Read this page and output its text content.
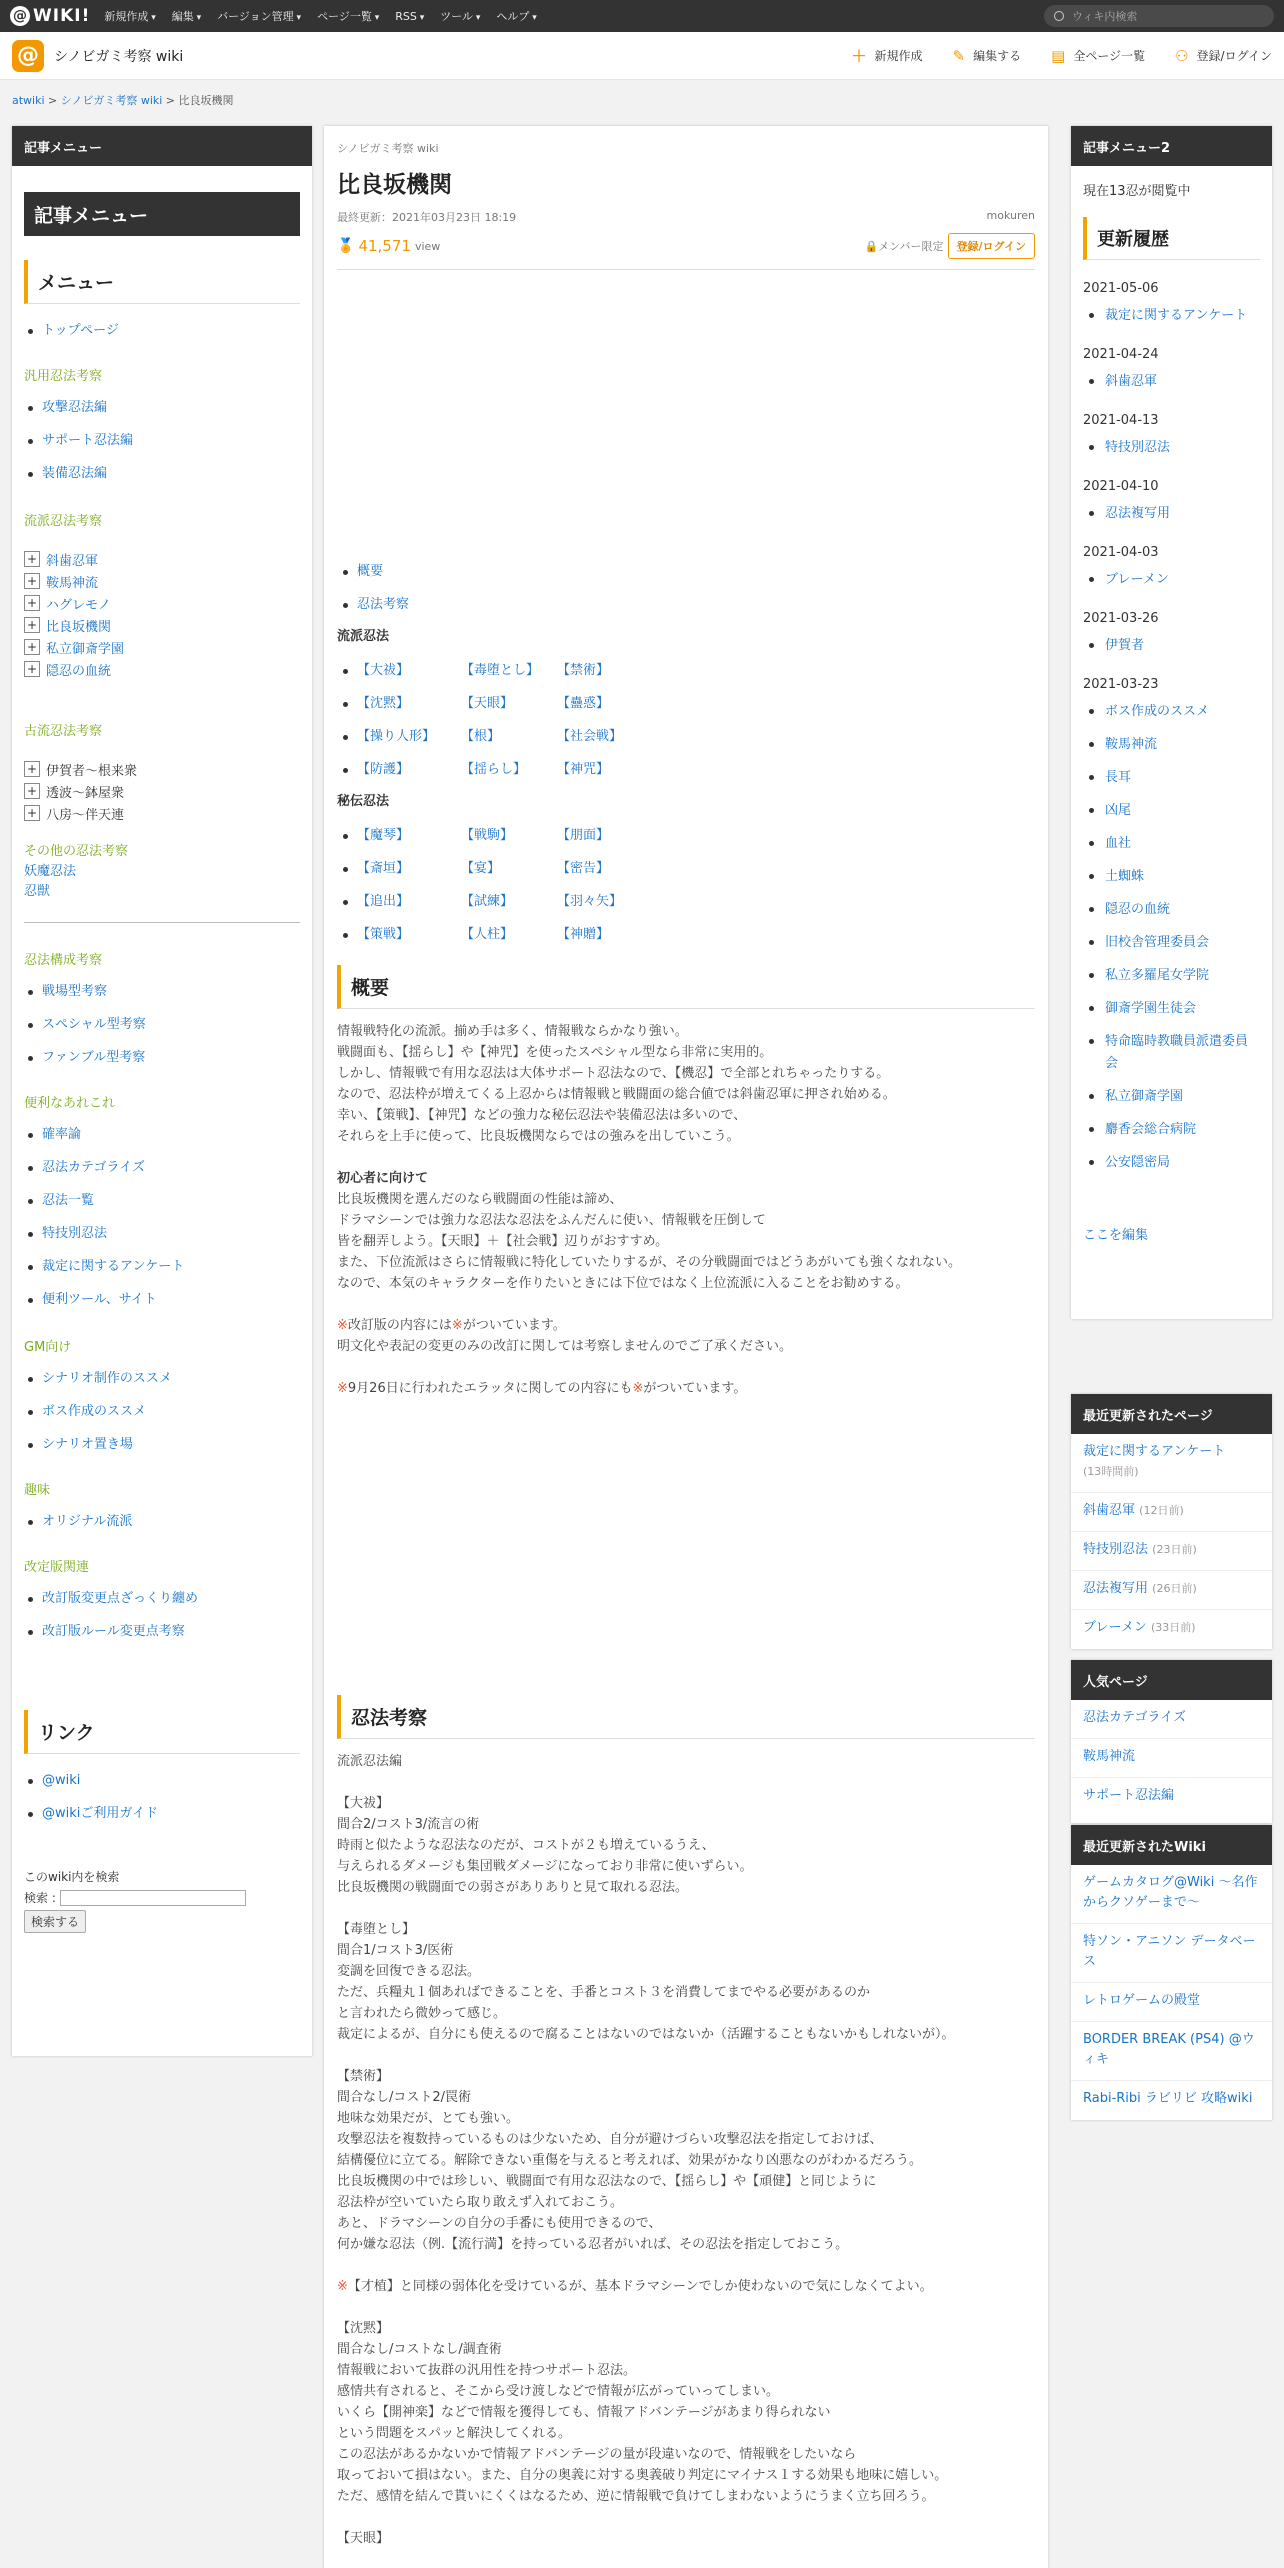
@ WIKI! 新規作成 ▾	編集 ▾	バージョン管理 ▾	ページ一覧 ▾	RSS ▾	ツール ▾	ヘルプ ▾	ウィキ内検索
@	シノビガミ考察 wiki	＋ 新規作成 ✎ 編集する ▤ 全ページ一覧 ⚇ 登録/ログイン
atwiki > シノビガミ考察 wiki > 比良坂機関
記事メニュー
記事メニュー
メニュー
トップページ
汎用忍法考察
攻撃忍法編
サポート忍法編
装備忍法編
流派忍法考察
+ 斜歯忍軍
+ 鞍馬神流
+ ハグレモノ
+ 比良坂機関
+ 私立御斎学園
+ 隠忍の血統
古流忍法考察
+ 伊賀者～根来衆
+ 透波～鉢屋衆
+ 八房～伴天連
その他の忍法考察
妖魔忍法
忍獣
忍法構成考察
戦場型考察
スペシャル型考察
ファンブル型考察
便利なあれこれ
確率論
忍法カテゴライズ
忍法一覧
特技別忍法
裁定に関するアンケート
便利ツール、サイト
GM向け
シナリオ制作のススメ
ボス作成のススメ
シナリオ置き場
趣味
オリジナル流派
改定版関連
改訂版変更点ざっくり纏め
改訂版ルール変更点考察
リンク
@wiki
@wikiご利用ガイド
このwiki内を検索
検索 :
検索する
シノビガミ考察 wiki
比良坂機関
最終更新：2021年03月23日 18:19	mokuren
🏅 41,571 view	🔒 メンバー限定	登録/ログイン
概要
忍法考察
流派忍法
【大祓】	【毒堕とし】	【禁術】
【沈黙】	【天眼】	【蠱惑】
【操り人形】	【根】	【社会戦】
【防護】	【揺らし】	【神咒】
秘伝忍法
【魔琴】	【戦駒】	【朋面】
【斎垣】	【宴】	【密告】
【追出】	【試練】	【羽々矢】
【策戦】	【人柱】	【神贈】
概要

情報戦特化の流派。揃め手は多く、情報戦ならかなり強い。

戦闘面も、【揺らし】や【神咒】を使ったスペシャル型なら非常に実用的。

しかし、情報戦で有用な忍法は大体サポート忍法なので、【機忍】で全部とれちゃったりする。

なので、忍法枠が増えてくる上忍からは情報戦と戦闘面の総合値では斜歯忍軍に押され始める。

幸い、【策戦】、【神咒】などの強力な秘伝忍法や装備忍法は多いので、

それらを上手に使って、比良坂機関ならではの強みを出していこう。

初心者に向けて

比良坂機関を選んだのなら戦闘面の性能は諦め、

ドラマシーンでは強力な忍法な忍法をふんだんに使い、情報戦を圧倒して

皆を翻弄しよう。【天眼】＋【社会戦】辺りがおすすめ。

また、下位流派はさらに情報戦に特化していたりするが、その分戦闘面ではどうあがいても強くなれない。

なので、本気のキャラクターを作りたいときには下位ではなく上位流派に入ることをお勧めする。

※改訂版の内容には※がついています。

明文化や表記の変更のみの改訂に関しては考察しませんのでご了承ください。

※9月26日に行われたエラッタに関しての内容にも※がついています。

忍法考察

流派忍法編

【大祓】

間合2/コスト3/流言の術

時雨と似たような忍法なのだが、コストが２も増えているうえ、

与えられるダメージも集団戦ダメージになっており非常に使いずらい。

比良坂機関の戦闘面での弱さがありありと見て取れる忍法。

【毒堕とし】

間合1/コスト3/医術

変調を回復できる忍法。

ただ、兵糧丸１個あればできることを、手番とコスト３を消費してまでやる必要があるのか

と言われたら微妙って感じ。

裁定によるが、自分にも使えるので腐ることはないのではないか（活躍することもないかもしれないが）。

【禁術】

間合なし/コスト2/罠術

地味な効果だが、とても強い。

攻撃忍法を複数持っているものは少ないため、自分が避けづらい攻撃忍法を指定しておけば、

結構優位に立てる。解除できない重傷を与えると考えれば、効果がかなり凶悪なのがわかるだろう。

比良坂機関の中では珍しい、戦闘面で有用な忍法なので、【揺らし】や【頑健】と同じように

忍法枠が空いていたら取り敢えず入れておこう。

あと、ドラマシーンの自分の手番にも使用できるので、

何か嫌な忍法（例.【流行満】を持っている忍者がいれば、その忍法を指定しておこう。

※【才植】と同様の弱体化を受けているが、基本ドラマシーンでしか使わないので気にしなくてよい。

【沈黙】

間合なし/コストなし/調査術

情報戦において抜群の汎用性を持つサポート忍法。

感情共有されると、そこから受け渡しなどで情報が広がっていってしまい。

いくら【開神楽】などで情報を獲得しても、情報アドバンテージがあまり得られない

という問題をスパッと解決してくれる。

この忍法があるかないかで情報アドバンテージの量が段違いなので、情報戦をしたいなら

取っておいて損はない。また、自分の奥義に対する奥義破り判定にマイナス１する効果も地味に嬉しい。

ただ、感情を結んで貰いにくくはなるため、逆に情報戦で負けてしまわないようにうまく立ち回ろう。

【天眼】

記事メニュー2
現在13忍が閲覧中
更新履歴
2021-05-06
裁定に関するアンケート
2021-04-24
斜歯忍軍
2021-04-13
特技別忍法
2021-04-10
忍法複写用
2021-04-03
ブレーメン
2021-03-26
伊賀者
2021-03-23
ボス作成のススメ
鞍馬神流
長耳
凶尾
血社
土蜘蛛
隠忍の血統
旧校舎管理委員会
私立多羅尾女学院
御斎学園生徒会
特命臨時教職員派遣委員会
私立御斎学園
麝香会総合病院
公安隠密局
ここを編集
最近更新されたページ
裁定に関するアンケート
(13時間前)
斜歯忍軍 (12日前)
特技別忍法 (23日前)
忍法複写用 (26日前)
ブレーメン (33日前)
人気ページ
忍法カテゴライズ
鞍馬神流
サポート忍法編
最近更新されたWiki
ゲームカタログ@Wiki ～名作からクソゲーまで～
特ソン・アニソン データベース
レトロゲームの殿堂
BORDER BREAK (PS4) @ウィキ
Rabi-Ribi ラビリビ 攻略wiki
